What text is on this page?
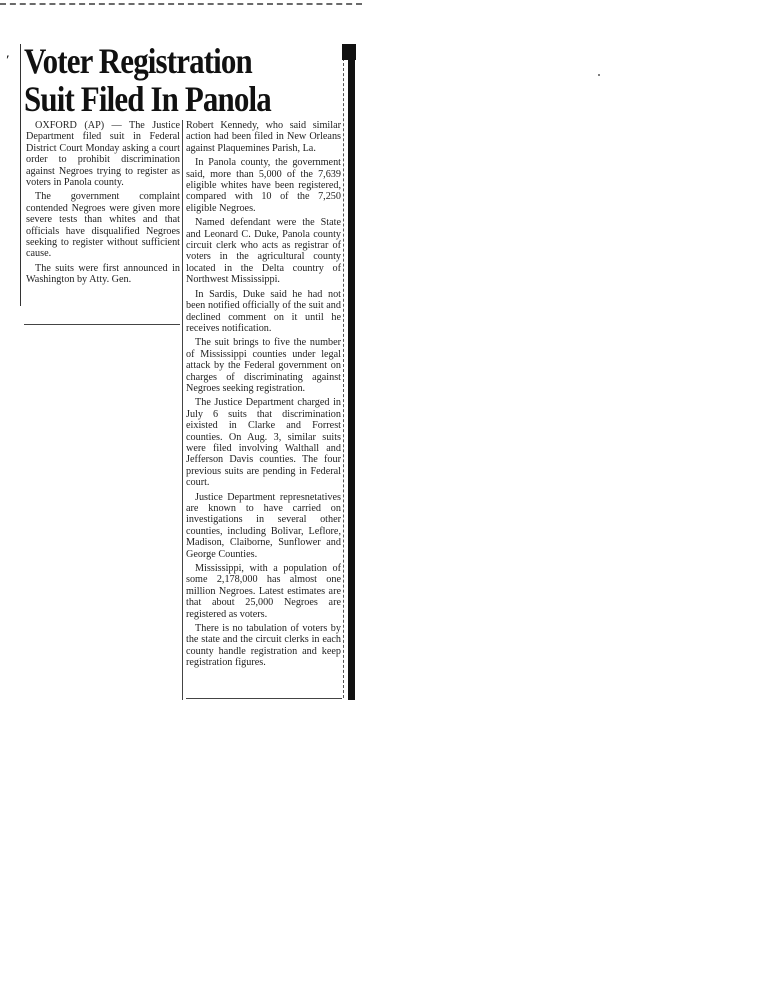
′ Voter Registration
Suit Filed In Panola

OXFORD (AP) — The Justice Department filed suit in Federal District Court Monday asking a court order to prohibit discrimination against Negroes trying to register as voters in Panola county.

The government complaint contended Negroes were given more severe tests than whites and that officials have disqualified Negroes seeking to register without sufficient cause.

The suits were first announced in Washington by Atty. Gen.

Robert Kennedy, who said similar action had been filed in New Orleans against Plaquemines Parish, La.

In Panola county, the government said, more than 5,000 of the 7,639 eligible whites have been registered, compared with 10 of the 7,250 eligible Negroes.

Named defendant were the State and Leonard C. Duke, Panola county circuit clerk who acts as registrar of voters in the agricultural county located in the Delta country of Northwest Mississippi.

In Sardis, Duke said he had not been notified officially of the suit and declined comment on it until he receives notification.

The suit brings to five the number of Mississippi counties under legal attack by the Federal government on charges of discriminating against Negroes seeking registration.

The Justice Department charged in July 6 suits that discrimination eixisted in Clarke and Forrest counties. On Aug. 3, similar suits were filed involving Walthall and Jefferson Davis counties. The four previous suits are pending in Federal court.

Justice Department represnetatives are known to have carried on investigations in several other counties, including Bolivar, Leflore, Madison, Claiborne, Sunflower and George Counties.

Mississippi, with a population of some 2,178,000 has almost one million Negroes. Latest estimates are that about 25,000 Negroes are registered as voters.

There is no tabulation of voters by the state and the circuit clerks in each county handle registration and keep registration figures.
